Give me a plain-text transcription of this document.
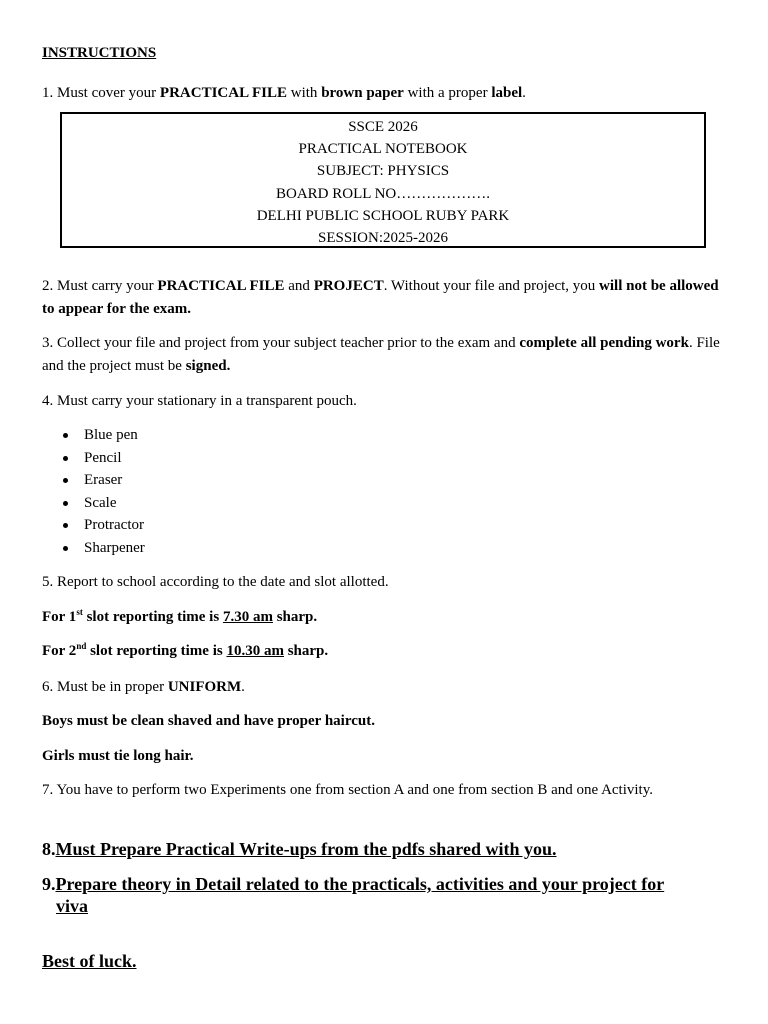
INSTRUCTIONS
1. Must cover your PRACTICAL FILE with brown paper with a proper label.
SSCE 2026
PRACTICAL NOTEBOOK
SUBJECT: PHYSICS
BOARD ROLL NO……………….
DELHI PUBLIC SCHOOL RUBY PARK
SESSION:2025-2026
2. Must carry your PRACTICAL FILE and PROJECT. Without your file and project, you will not be allowed to appear for the exam.
3. Collect your file and project from your subject teacher prior to the exam and complete all pending work. File and the project must be signed.
4. Must carry your stationary in a transparent pouch.
Blue pen
Pencil
Eraser
Scale
Protractor
Sharpener
5. Report to school according to the date and slot allotted.
For 1st slot reporting time is 7.30 am sharp.
For 2nd slot reporting time is 10.30 am sharp.
6. Must be in proper UNIFORM.
Boys must be clean shaved and have proper haircut.
Girls must tie long hair.
7. You have to perform two Experiments one from section A and one from section B and one Activity.
8.Must Prepare Practical Write-ups from the pdfs shared with you.
9.Prepare theory in Detail related to the practicals, activities and your project for viva
Best of luck.
